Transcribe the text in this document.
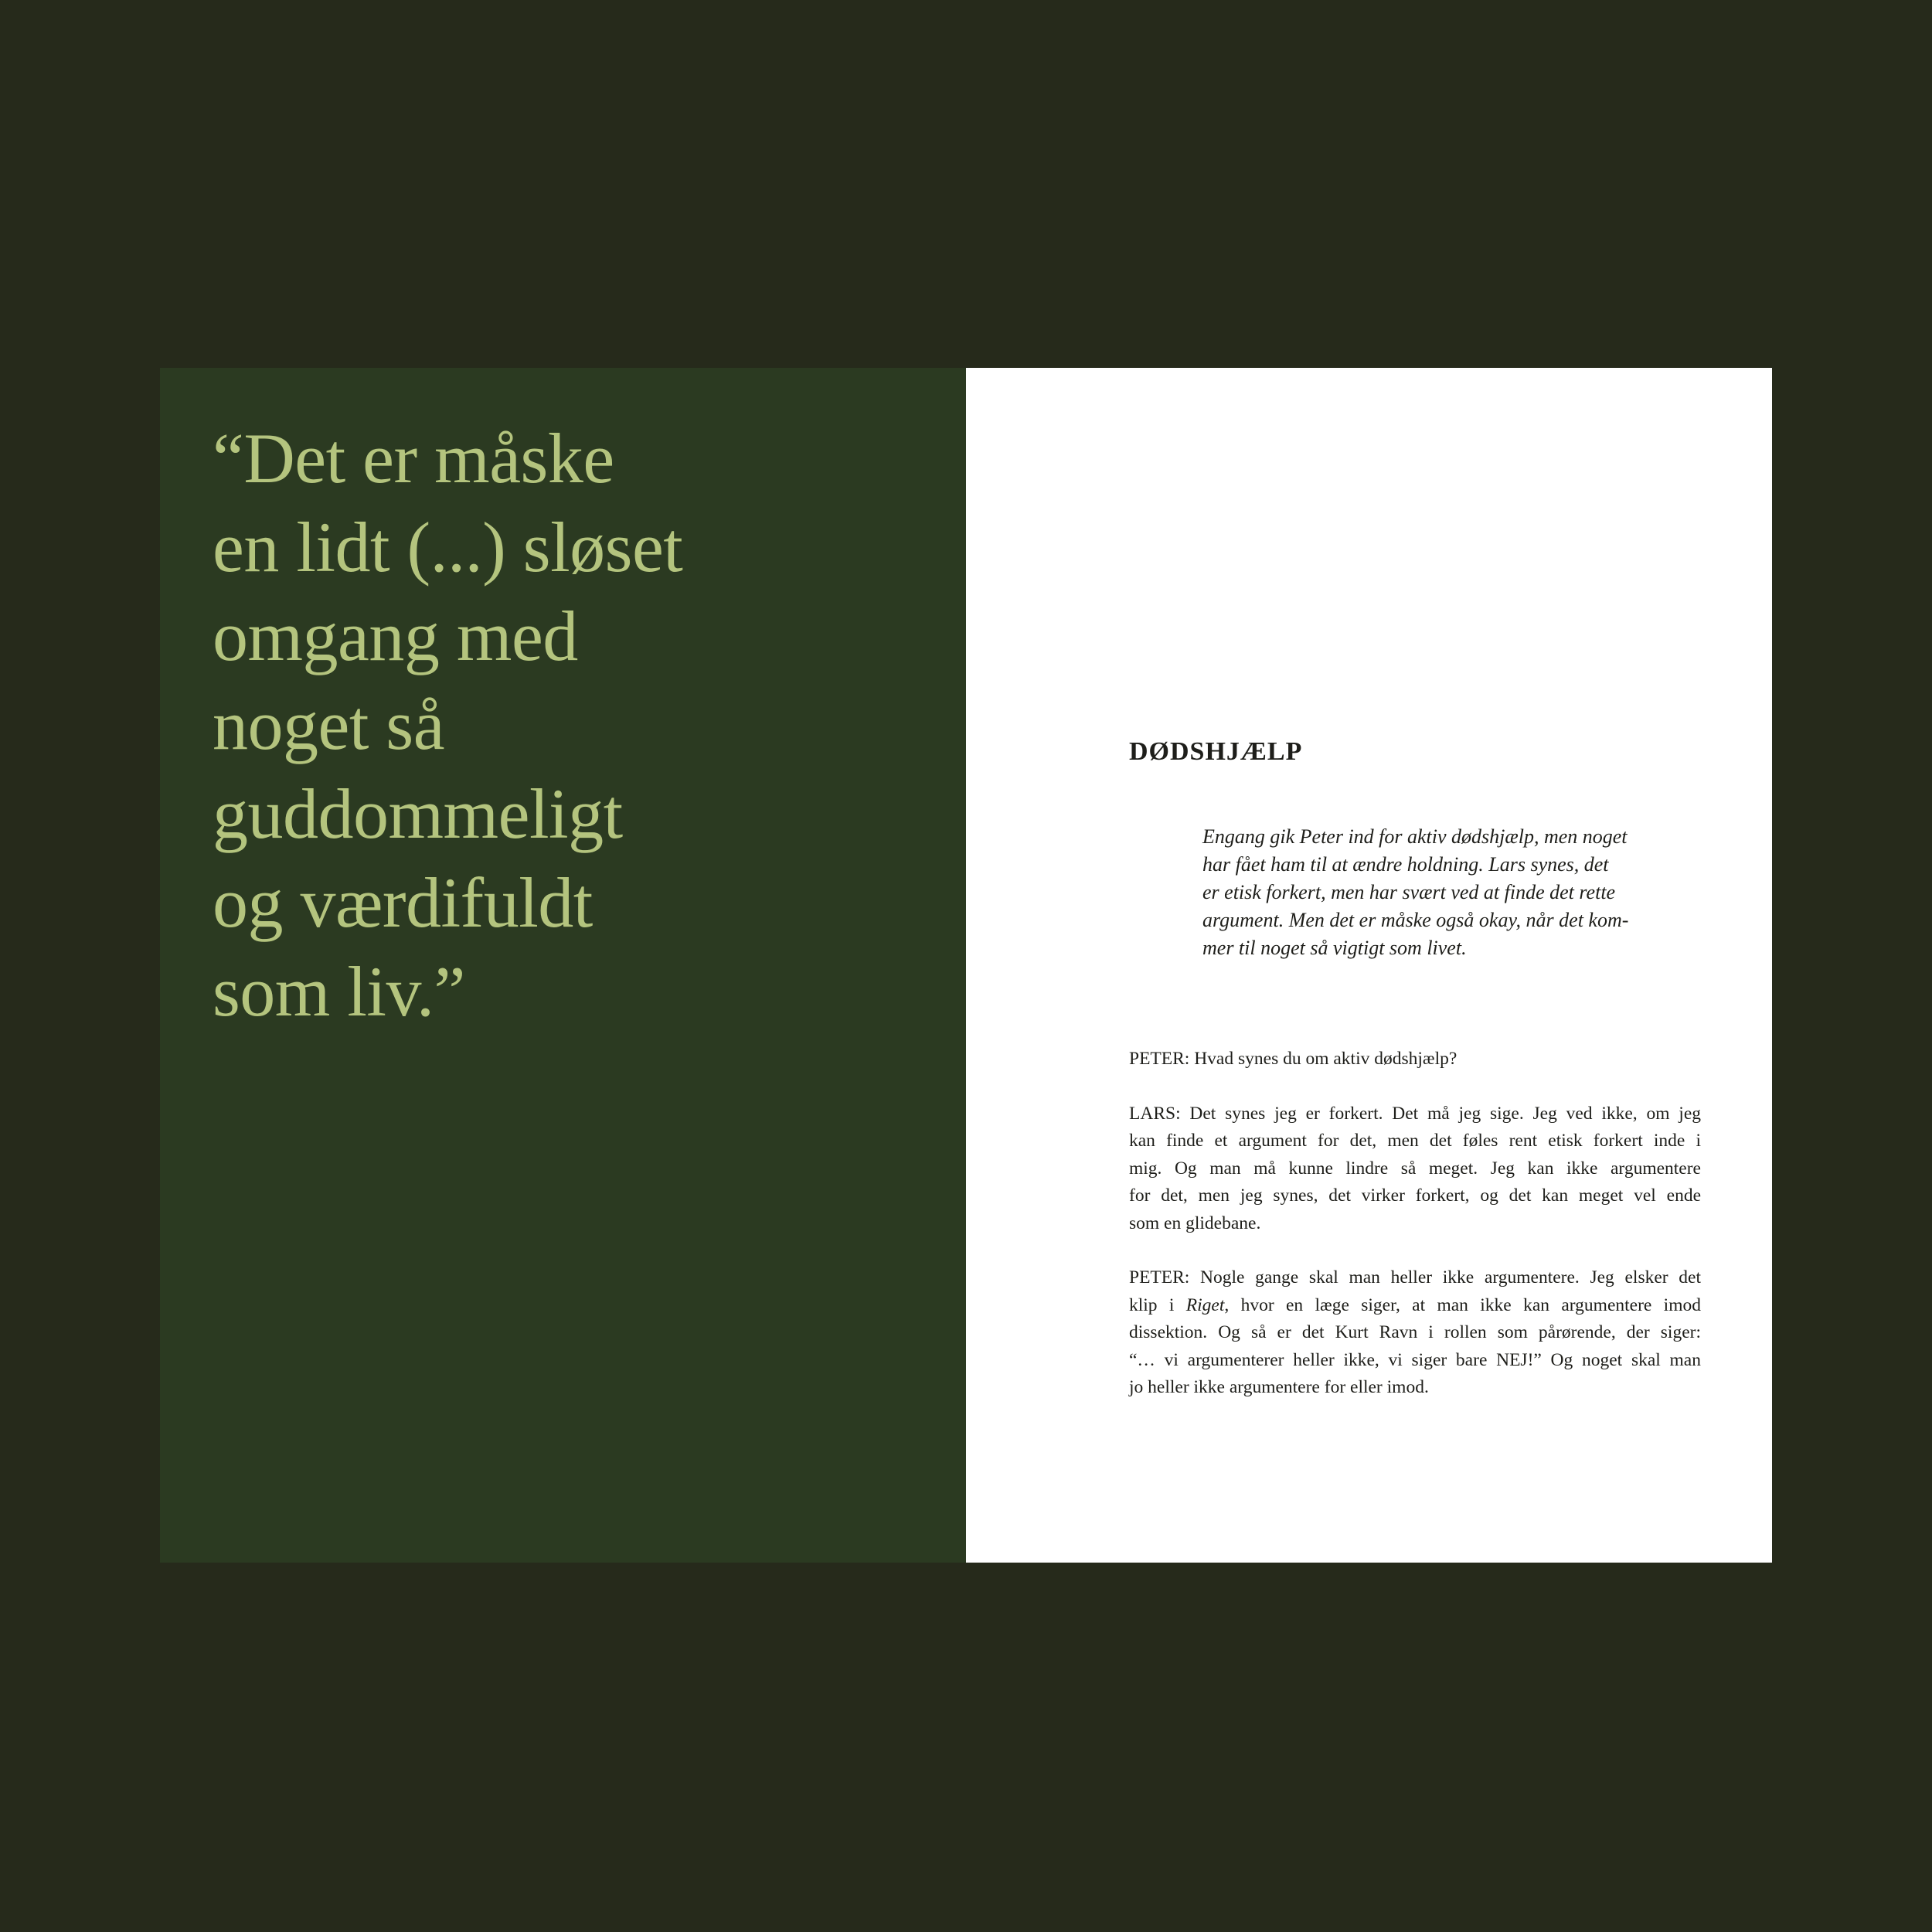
“Det er måske
en lidt (...) sløset
omgang med
noget så
guddommeligt
og værdifuldt
som liv.”

DØDSHJÆLP

Engang gik Peter ind for aktiv dødshjælp, men noget
har fået ham til at ændre holdning. Lars synes, det
er etisk forkert, men har svært ved at finde det rette
argument. Men det er måske også okay, når det kom-
mer til noget så vigtigt som livet.

PETER: Hvad synes du om aktiv dødshjælp?

LARS: Det synes jeg er forkert. Det må jeg sige. Jeg ved ikke, om jeg
kan finde et argument for det, men det føles rent etisk forkert inde i
mig. Og man må kunne lindre så meget. Jeg kan ikke argumentere
for det, men jeg synes, det virker forkert, og det kan meget vel ende
som en glidebane.

PETER: Nogle gange skal man heller ikke argumentere. Jeg elsker det
klip i Riget, hvor en læge siger, at man ikke kan argumentere imod
dissektion. Og så er det Kurt Ravn i rollen som pårørende, der siger:
“… vi argumenterer heller ikke, vi siger bare NEJ!” Og noget skal man
jo heller ikke argumentere for eller imod.
